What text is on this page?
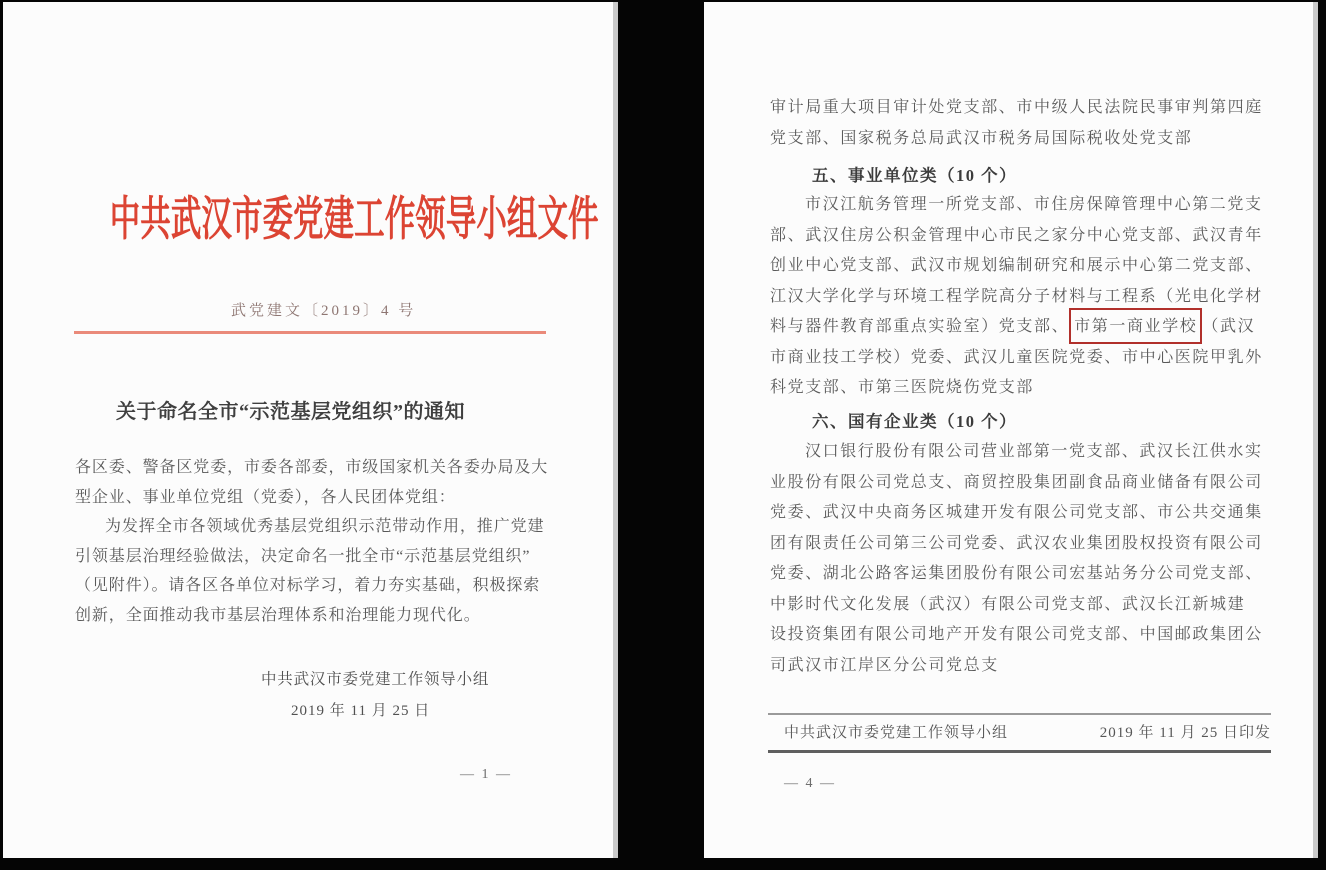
中共武汉市委党建工作领导小组文件
武党建文〔2019〕4 号
关于命名全市“示范基层党组织”的通知
各区委、警备区党委，市委各部委，市级国家机关各委办局及大
型企业、事业单位党组（党委），各人民团体党组：
为发挥全市各领域优秀基层党组织示范带动作用，推广党建
引领基层治理经验做法，决定命名一批全市“示范基层党组织”
（见附件）。请各区各单位对标学习，着力夯实基础，积极探索
创新，全面推动我市基层治理体系和治理能力现代化。
中共武汉市委党建工作领导小组
2019 年 11 月 25 日
— 1 —
审计局重大项目审计处党支部、市中级人民法院民事审判第四庭
党支部、国家税务总局武汉市税务局国际税收处党支部
五、事业单位类（10 个）
市汉江航务管理一所党支部、市住房保障管理中心第二党支
部、武汉住房公积金管理中心市民之家分中心党支部、武汉青年
创业中心党支部、武汉市规划编制研究和展示中心第二党支部、
江汉大学化学与环境工程学院高分子材料与工程系（光电化学材
料与器件教育部重点实验室）党支部、 市第一商业学校 （武汉
市商业技工学校）党委、武汉儿童医院党委、市中心医院甲乳外
科党支部、市第三医院烧伤党支部
六、国有企业类（10 个）
汉口银行股份有限公司营业部第一党支部、武汉长江供水实
业股份有限公司党总支、商贸控股集团副食品商业储备有限公司
党委、武汉中央商务区城建开发有限公司党支部、市公共交通集
团有限责任公司第三公司党委、武汉农业集团股权投资有限公司
党委、湖北公路客运集团股份有限公司宏基站务分公司党支部、
中影时代文化发展（武汉）有限公司党支部、武汉长江新城建
设投资集团有限公司地产开发有限公司党支部、中国邮政集团公
司武汉市江岸区分公司党总支
中共武汉市委党建工作领导小组	2019 年 11 月 25 日印发
— 4 —
